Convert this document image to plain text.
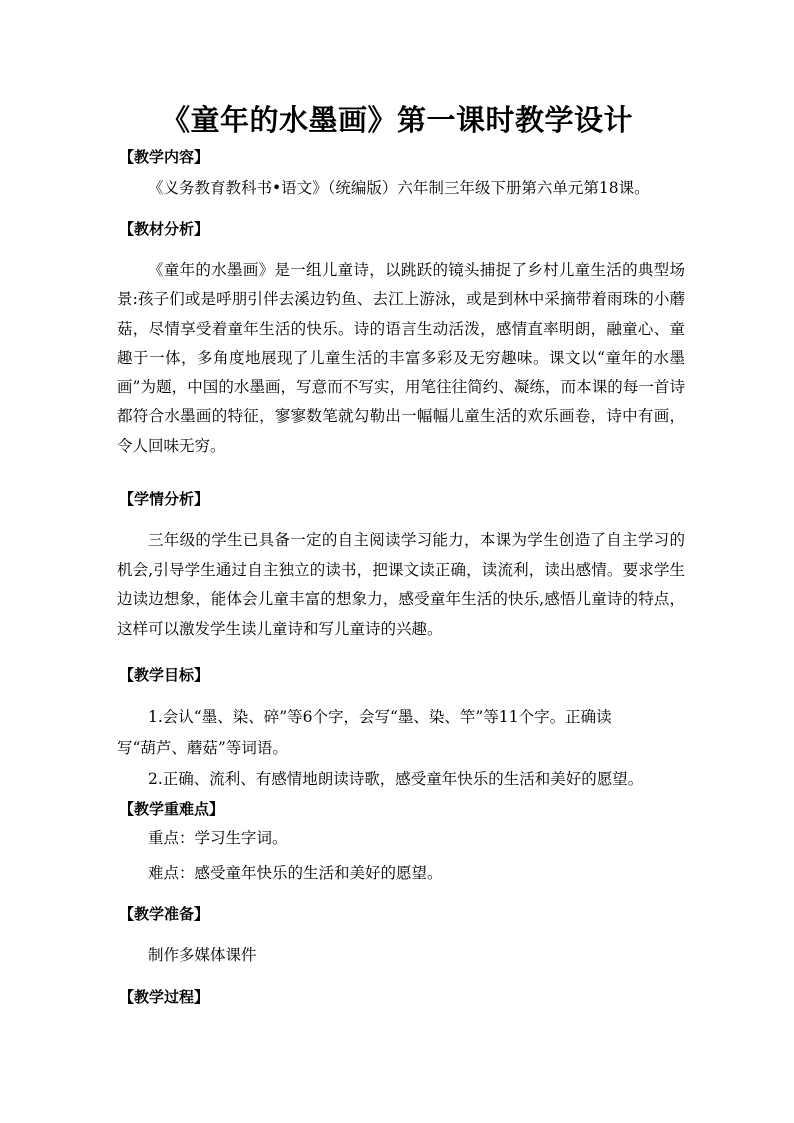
《童年的水墨画》第一课时教学设计
【教学内容】
《义务教育教科书•语文》（统编版）六年制三年级下册第六单元第18课。
【教材分析】
《童年的水墨画》是一组儿童诗，以跳跃的镜头捕捉了乡村儿童生活的典型场景:孩子们或是呼朋引伴去溪边钓鱼、去江上游泳，或是到林中采摘带着雨珠的小蘑菇，尽情享受着童年生活的快乐。诗的语言生动活泼，感情直率明朗，融童心、童趣于一体，多角度地展现了儿童生活的丰富多彩及无穷趣味。课文以“童年的水墨画”为题，中国的水墨画，写意而不写实，用笔往往简约、凝练，而本课的每一首诗都符合水墨画的特征，寥寥数笔就勾勒出一幅幅儿童生活的欢乐画卷，诗中有画，令人回味无穷。
【学情分析】
三年级的学生已具备一定的自主阅读学习能力，本课为学生创造了自主学习的机会,引导学生通过自主独立的读书，把课文读正确，读流利，读出感情。要求学生边读边想象，能体会儿童丰富的想象力，感受童年生活的快乐,感悟儿童诗的特点，这样可以激发学生读儿童诗和写儿童诗的兴趣。
【教学目标】
1.会认“墨、染、碎”等6个字，会写“墨、染、竿”等11个字。正确读
写“葫芦、蘑菇”等词语。
2.正确、流利、有感情地朗读诗歌，感受童年快乐的生活和美好的愿望。
【教学重难点】
重点：学习生字词。
难点：感受童年快乐的生活和美好的愿望。
【教学准备】
制作多媒体课件
【教学过程】
